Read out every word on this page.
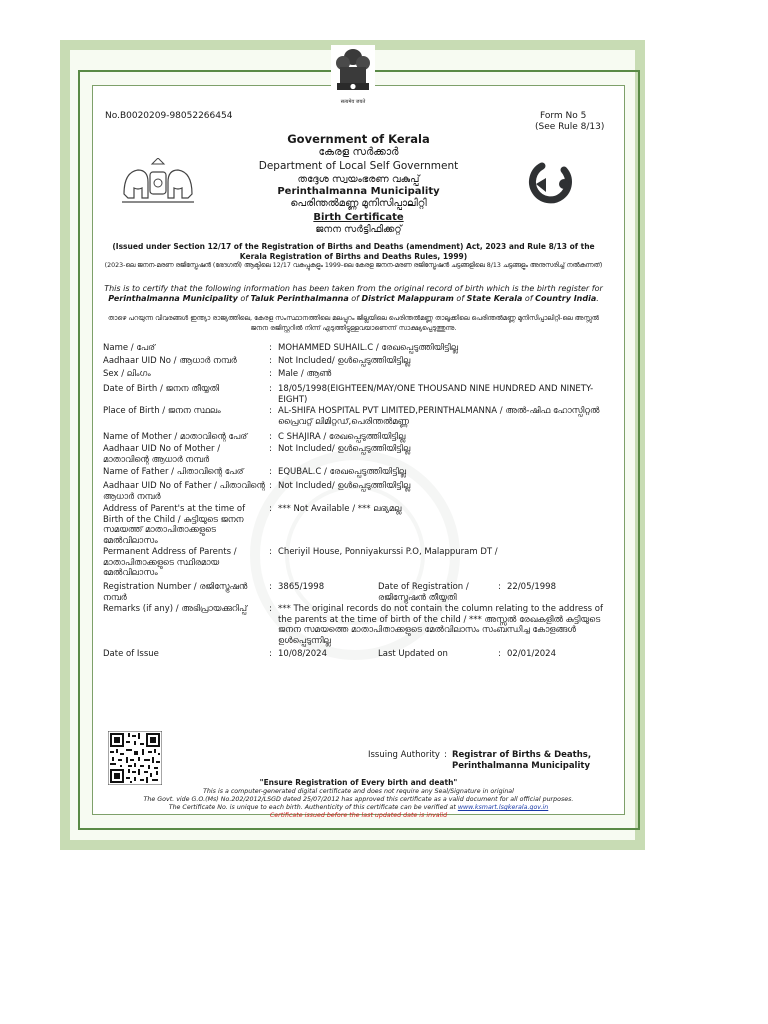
सत्यमेव जयते
No.B0020209-98052266454	Form No 5
(See Rule 8/13)
Government of Kerala
കേരള സർക്കാർ
Department of Local Self Government
തദ്ദേശ സ്വയംഭരണ വകുപ്പ്
Perinthalmanna Municipality
പെരിന്തൽമണ്ണ മുനിസിപ്പാലിറ്റി
Birth Certificate
ജനന സർട്ടിഫിക്കറ്റ്
(Issued under Section 12/17 of the Registration of Births and Deaths (amendment) Act, 2023 and Rule 8/13 of the Kerala Registration of Births and Deaths Rules, 1999)
(2023-ലെ ജനന-മരണ രജിസ്ട്രേഷൻ (ഭേദഗതി) ആക്ടിലെ 12/17 വകുപ്പുകളും 1999-ലെ കേരള ജനന-മരണ രജിസ്ട്രേഷൻ ചട്ടങ്ങളിലെ 8/13 ചട്ടങ്ങളും അനുസരിച്ച് നൽകുന്നത്)
This is to certify that the following information has been taken from the original record of birth which is the birth register for Perinthalmanna Municipality of Taluk Perinthalmanna of District Malappuram of State Kerala of Country India.
താഴെ പറയുന്ന വിവരങ്ങൾ ഇന്ത്യാ രാജ്യത്തിലെ, കേരള സംസ്ഥാനത്തിലെ മലപ്പുറം ജില്ലയിലെ പെരിന്തൽമണ്ണ താലൂക്കിലെ പെരിന്തൽമണ്ണ മുനിസിപ്പാലിറ്റി-ലെ അസ്സൽ ജനന രജിസ്റ്ററിൽ നിന്ന് എടുത്തിട്ടുള്ളവയാണെന്ന് സാക്ഷ്യപ്പെടുത്തുന്നു.
Name / പേര്	: MOHAMMED SUHAIL.C / രേഖപ്പെടുത്തിയിട്ടില്ല
Aadhaar UID No / ആധാർ നമ്പർ	: Not Included/ ഉൾപ്പെടുത്തിയിട്ടില്ല
Sex / ലിംഗം	: Male / ആൺ
Date of Birth / ജനന തീയ്യതി	: 18/05/1998(EIGHTEEN/MAY/ONE THOUSAND NINE HUNDRED AND NINETY-EIGHT)
Place of Birth / ജനന സ്ഥലം	: AL-SHIFA HOSPITAL PVT LIMITED,PERINTHALMANNA / അൽ-ഷിഫ ഹോസ്പിറ്റൽ പ്രൈവറ്റ് ലിമിറ്റഡ്,പെരിന്തൽമണ്ണ
Name of Mother / മാതാവിന്റെ പേര്	: C SHAJIRA / രേഖപ്പെടുത്തിയിട്ടില്ല
Aadhaar UID No of Mother / മാതാവിന്റെ ആധാർ നമ്പർ
: Not Included/ ഉൾപ്പെടുത്തിയിട്ടില്ല
Name of Father / പിതാവിന്റെ പേര്	: EQUBAL.C / രേഖപ്പെടുത്തിയിട്ടില്ല
Aadhaar UID No of Father / പിതാവിന്റെ ആധാർ നമ്പർ
: Not Included/ ഉൾപ്പെടുത്തിയിട്ടില്ല
Address of Parent's at the time of Birth of the Child / കുട്ടിയുടെ ജനന സമയത്ത് മാതാപിതാക്കളുടെ മേൽവിലാസം
: *** Not Available / *** ലഭ്യമല്ല
Permanent Address of Parents / മാതാപിതാക്കളുടെ സ്ഥിരമായ മേൽവിലാസം
: Cheriyil House, Ponniyakurssi P.O, Malappuram DT /
Registration Number / രജിസ്ട്രേഷൻ നമ്പർ
: 3865/1998	Date of Registration / രജിസ്ട്രേഷൻ തീയ്യതി
: 22/05/1998
Remarks (if any) / അഭിപ്രായക്കുറിപ്പ്	: *** The original records do not contain the column relating to the address of the parents at the time of birth of the child / *** അസ്സൽ രേഖകളിൽ കുട്ടിയുടെ ജനന സമയത്തെ മാതാപിതാക്കളുടെ മേൽവിലാസം സംബന്ധിച്ച കോളങ്ങൾ ഉൾപ്പെടുന്നില്ല
Date of Issue	: 10/08/2024	Last Updated on	: 02/01/2024
Issuing Authority : Registrar of Births & Deaths,
Perinthalmanna Municipality
"Ensure Registration of Every birth and death"
This is a computer-generated digital certificate and does not require any Seal/Signature in original
The Govt. vide G.O.(Ms) No.202/2012/LSGD dated 25/07/2012 has approved this certificate as a valid document for all official purposes.
The Certificate No. is unique to each birth. Authenticity of this certificate can be verified at www.ksmart.lsgkerala.gov.in
Certificate issued before the last updated date is invalid
